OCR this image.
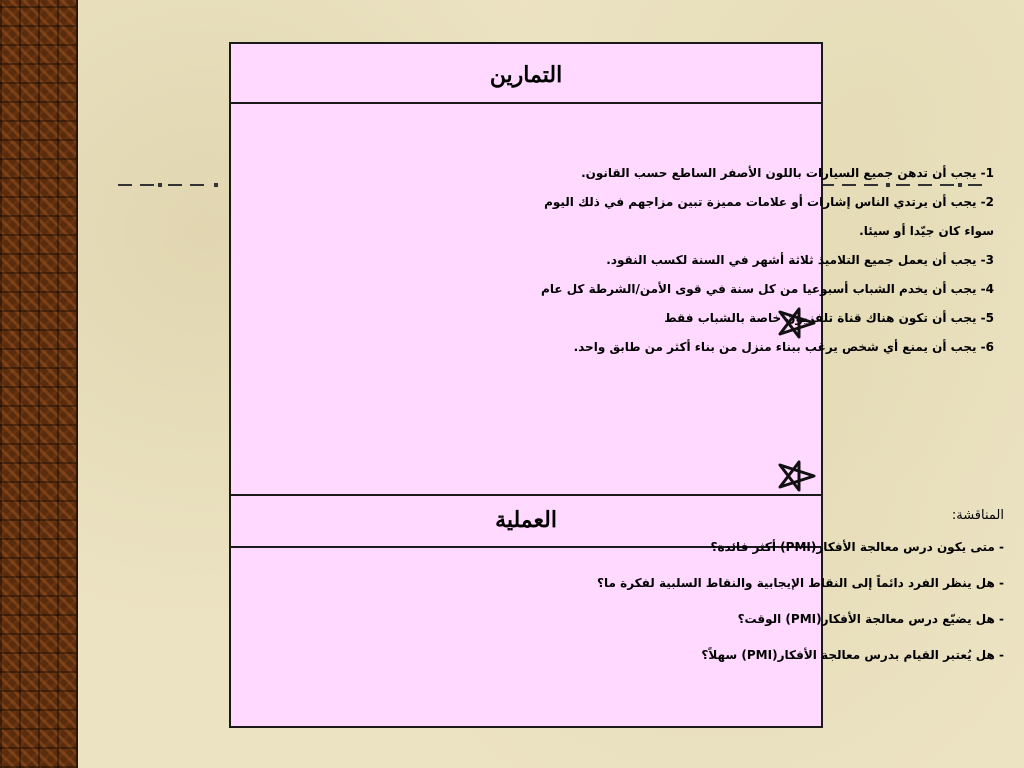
التمارين
العملية
1- يجب أن تدهن جميع السيارات باللون الأصفر الساطع حسب القانون.
2- يجب أن يرتدي الناس إشارات أو علامات مميزة تبين مزاجهم في ذلك اليوم
سواء كان جيّدا أو سيئا.
3- يجب أن يعمل جميع التلاميذ ثلاثة أشهر في السنة لكسب النقود.
4- يجب أن يخدم الشباب أسبوعيا من كل سنة في قوى الأمن/الشرطة كل عام
5- يجب أن تكون هناك قناة تلفزيون خاصة بالشباب فقط
6- يجب أن يمنع أي شخص يرغب ببناء منزل من بناء أكثر من طابق واحد.
المناقشة:
- متى يكون درس معالجة الأفكار(PMI) أكثر فائدة؟
- هل ينظر الفرد دائماً إلى النقاط الإيجابية والنقاط السلبية لفكرة ما؟
- هل يضيّع درس معالجة الأفكار(PMI) الوقت؟
- هل يُعتبر القيام بدرس معالجة الأفكار(PMI) سهلاً؟
